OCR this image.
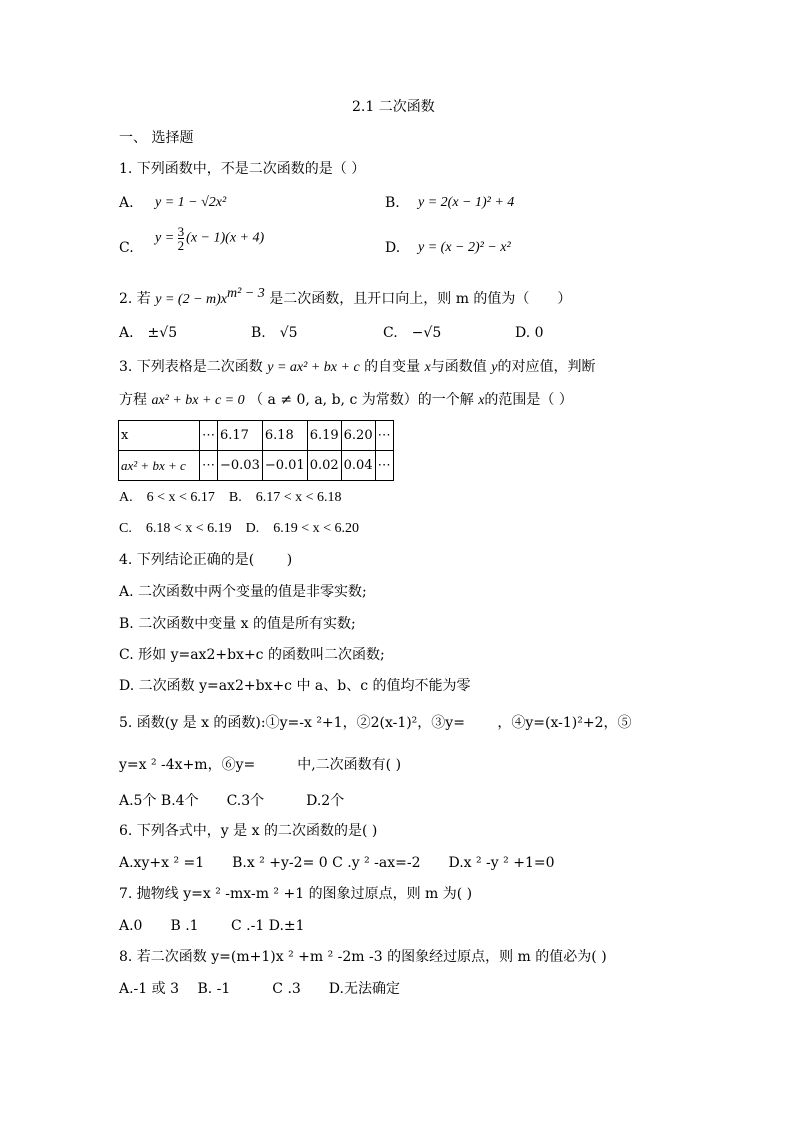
2.1 二次函数
一、 选择题
1. 下列函数中，不是二次函数的是（ ）
A. y = 1 − √2x²	B. y = 2(x − 1)² + 4
C.
$y = \frac{3}{2} (x - 1)(x + 4)$
D. y = (x − 2)² − x²
2. 若 $y = (2 - m)x^{m^2 - 3}$ 是二次函数，且开口向上，则 m 的值为（　　）
A.　±√5	B.　√5	C.　−√5	D. 0
3. 下列表格是二次函数 y = ax² + bx + c 的自变量 x与函数值 y的对应值，判断
方程 ax² + bx + c = 0 （ a ≠ 0, a, b, c 为常数）的一个解 x的范围是（ ）
x	⋯	6.17	6.18	6.19	6.20	⋯
ax² + bx + c	⋯	−0.03	−0.01	0.02	0.04	⋯
A.　6 < x < 6.17　B.　6.17 < x < 6.18
C.　6.18 < x < 6.19　D.　6.19 < x < 6.20
4. 下列结论正确的是(　　 )
A. 二次函数中两个变量的值是非零实数;
B. 二次函数中变量 x 的值是所有实数;
C. 形如 y=ax2+bx+c 的函数叫二次函数;
D. 二次函数 y=ax2+bx+c 中 a、b、c 的值均不能为零
5. 函数(y 是 x 的函数):①y=-x ²+1，②2(x-1)²，③y=　　 ，④y=(x-1)²+2，⑤
y=x ² -4x+m，⑥y=　　　中,二次函数有( )
A.5个 B.4个　　C.3个　　　D.2个
6. 下列各式中，y 是 x 的二次函数的是( )
A.xy+x ² =1　　B.x ² +y-2= 0 C .y ² -ax=-2　　D.x ² -y ² +1=0
7. 抛物线 y=x ² -mx-m ² +1 的图象过原点，则 m 为( )
A.0　　B .1　　 C .-1 D.±1
8. 若二次函数 y=(m+1)x ² +m ² -2m -3 的图象经过原点，则 m 的值必为( )
A.-1 或 3　 B. -1　　　C .3　　D.无法确定
